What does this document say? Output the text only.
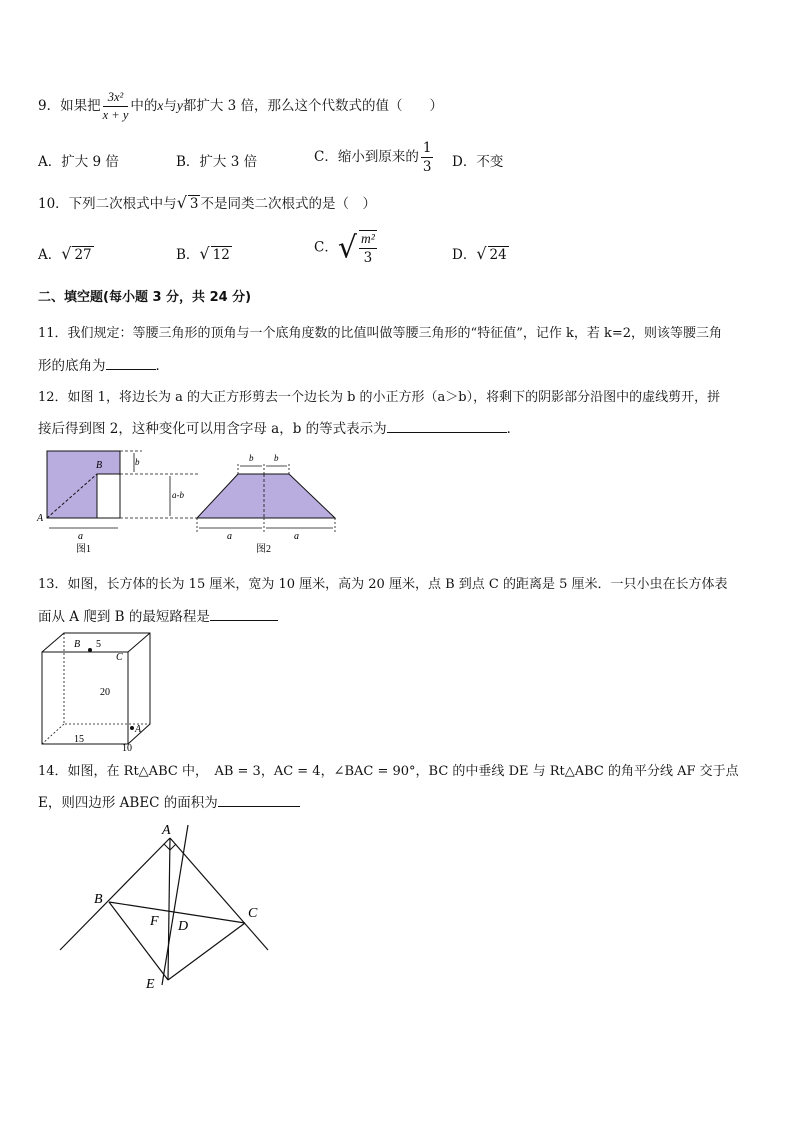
9．如果把 $\frac{\text{3x²}}{x + y}$ 中的x与y都扩大 3 倍，那么这个代数式的值（　　）
A．扩大 9 倍	B．扩大 3 倍	C．缩小到原来的 $\frac{1}{3}$ D．不变
10．下列二次根式中与√ 3 不是同类二次根式的是（　）
A．√ 27	B．√ 12	C．√ $\frac{\text{m²}}{3}$	D．√ 24
二、填空题(每小题 3 分，共 24 分)
11．我们规定：等腰三角形的顶角与一个底角度数的比值叫做等腰三角形的“特征值”，记作 k，若 k=2，则该等腰三角
形的底角为	．
12．如图 1，将边长为 a 的大正方形剪去一个边长为 b 的小正方形（a＞b），将剩下的阴影部分沿图中的虚线剪开，拼
接后得到图 2，这种变化可以用含字母 a，b 的等式表示为	．
b
a-b
B
A
a
图1
b b
a	a
图2
13．如图，长方体的长为 15 厘米，宽为 10 厘米，高为 20 厘米，点 B 到点 C 的距离是 5 厘米．一只小虫在长方体表
面从 A 爬到 B 的最短路程是
B 5
C
20
A
15
10
14．如图，在 Rt△ABC 中，　AB = 3，AC = 4，∠BAC = 90°，BC 的中垂线 DE 与 Rt△ABC 的角平分线 AF 交于点
E，则四边形 ABEC 的面积为
A
B
C
D
F
E
